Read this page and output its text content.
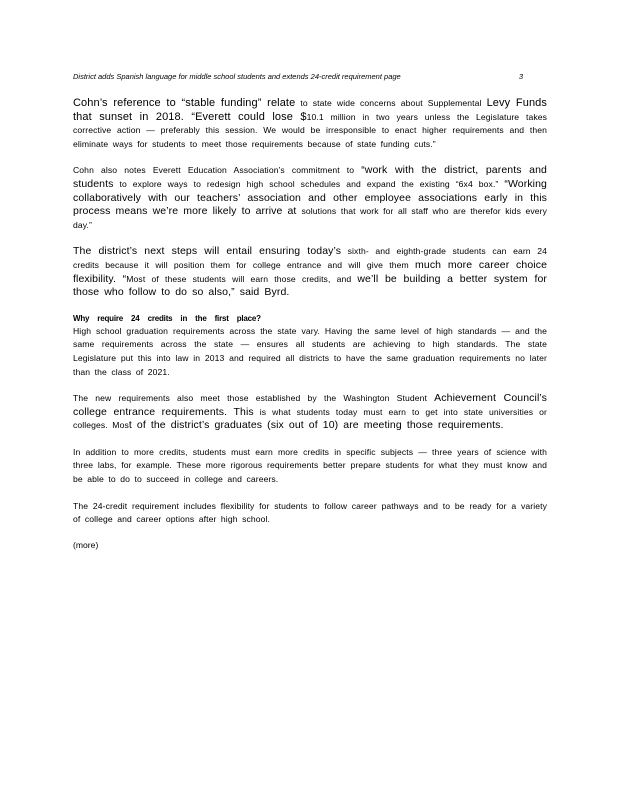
District adds Spanish language for middle school students and extends 24-credit requirement page	3

Cohn’s reference to “stable funding” relate to state wide concerns about Supplemental Levy Funds that sunset in 2018. “Everett could lose $10.1 million in two years unless the Legislature takes corrective action — preferably this session. We would be irresponsible to enact higher requirements and then eliminate ways for students to meet those requirements because of state funding cuts.”

Cohn also notes Everett Education Association’s commitment to “work with the district, parents and students to explore ways to redesign high school schedules and expand the existing “6x4 box.” “Working collaboratively with our teachers’ association and other employee associations early in this process means we’re more likely to arrive at solutions that work for all staff who are therefor kids every day.”

The district’s next steps will entail ensuring today’s sixth- and eighth-grade students can earn 24 credits because it will position them for college entrance and will give them much more career choice flexibility. “Most of these students will earn those credits, and we’ll be building a better system for those who follow to do so also,” said Byrd.

Why require 24 credits in the first place?

High school graduation requirements across the state vary. Having the same level of high standards — and the same requirements across the state — ensures all students are achieving to high standards. The state Legislature put this into law in 2013 and required all districts to have the same graduation requirements no later than the class of 2021.

The new requirements also meet those established by the Washington Student Achievement Council’s college entrance requirements. This is what students today must earn to get into state universities or colleges. Most of the district’s graduates (six out of 10) are meeting those requirements.

In addition to more credits, students must earn more credits in specific subjects — three years of science with three labs, for example. These more rigorous requirements better prepare students for what they must know and be able to do to succeed in college and careers.

The 24-credit requirement includes flexibility for students to follow career pathways and to be ready for a variety of college and career options after high school.

(more)
